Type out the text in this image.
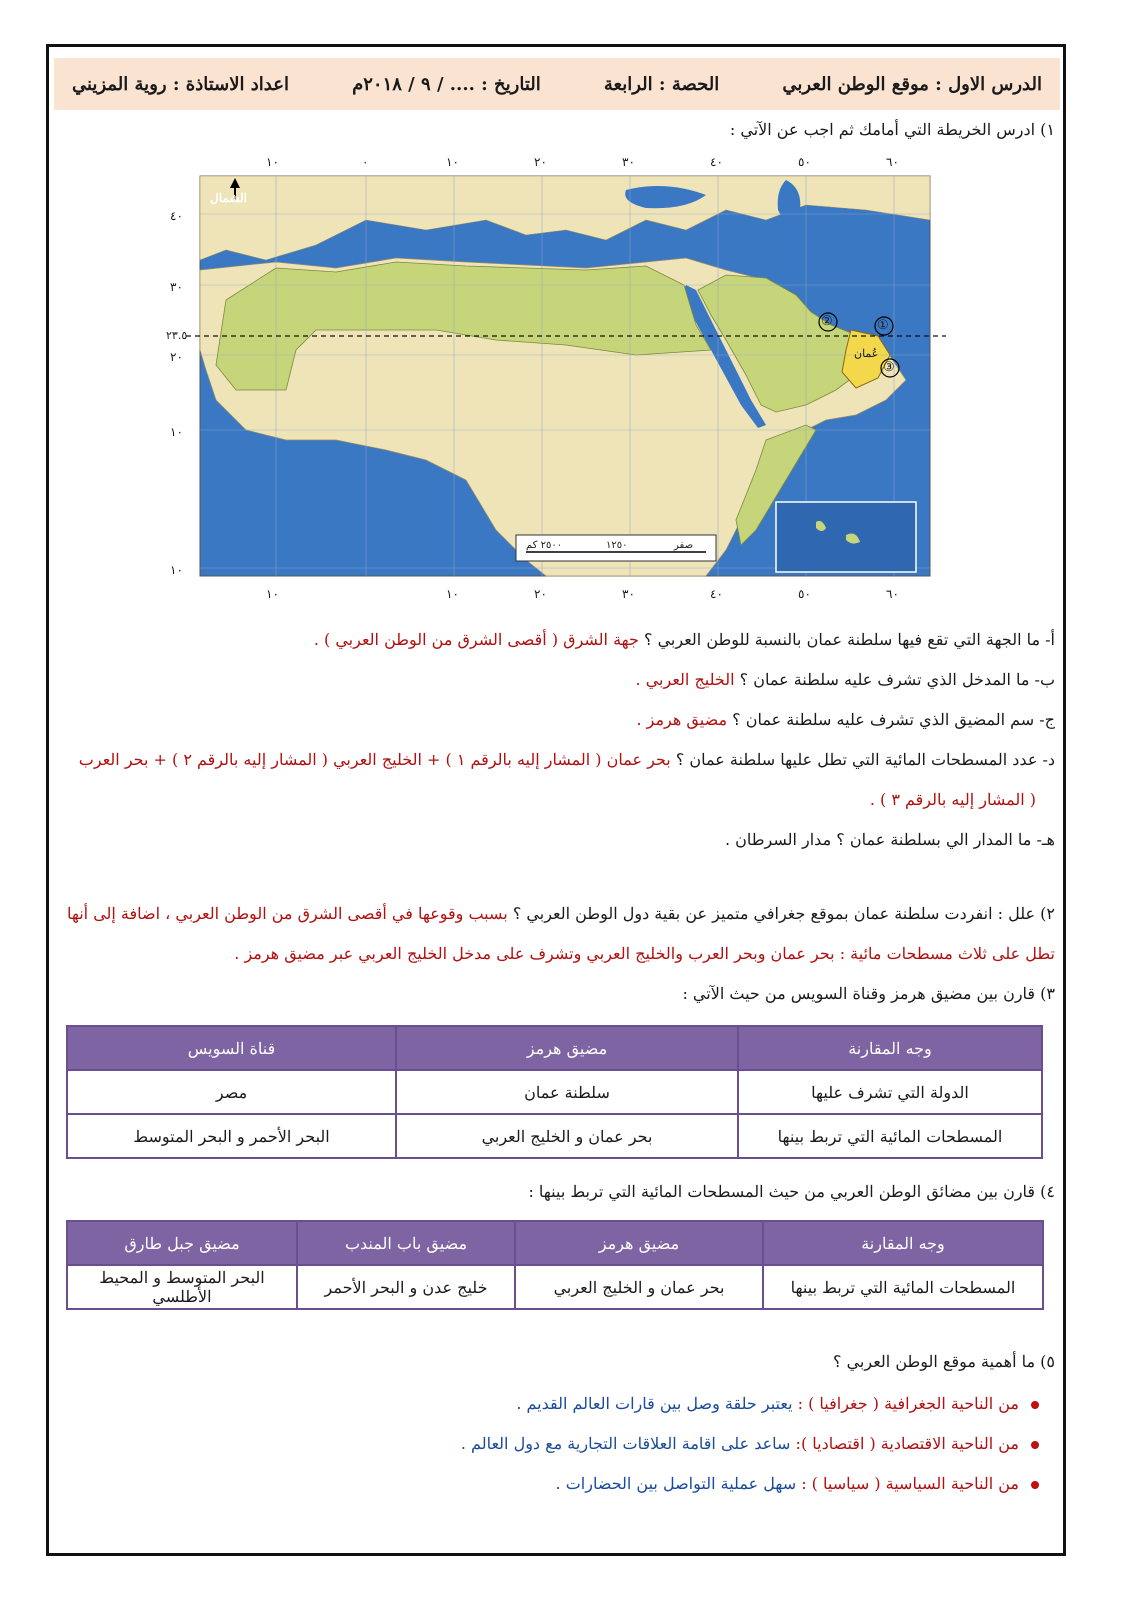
الدرس الاول : موقع الوطن العربي
الحصة : الرابعة
التاريخ : .... / ٩ / ٢٠١٨م
اعداد الاستاذة : روية المزيني
١) ادرس الخريطة التي أمامك ثم اجب عن الآتي :
١٠	٠	١٠	٢٠	٣٠	٤٠	٥٠	٦٠
١٠	١٠	٢٠	٣٠	٤٠	٥٠	٦٠
٤٠
٣٠
٢٣.٥
٢٠
١٠
١٠
الشمال
عُمان
①
②
③
صفر
١٢٥٠
٢٥٠٠ كم
أ- ما الجهة التي تقع فيها سلطنة عمان بالنسبة للوطن العربي ؟ جهة الشرق ( أقصى الشرق من الوطن العربي ) .
ب- ما المدخل الذي تشرف عليه سلطنة عمان ؟ الخليج العربي .
ج- سم المضيق الذي تشرف عليه سلطنة عمان ؟ مضيق هرمز .
د- عدد المسطحات المائية التي تطل عليها سلطنة عمان ؟ بحر عمان ( المشار إليه بالرقم ١ ) + الخليج العربي ( المشار إليه بالرقم ٢ ) + بحر العرب
( المشار إليه بالرقم ٣ ) .
هـ- ما المدار الي بسلطنة عمان ؟ مدار السرطان .
٢) علل : انفردت سلطنة عمان بموقع جغرافي متميز عن بقية دول الوطن العربي ؟ بسبب وقوعها في أقصى الشرق من الوطن العربي ، اضافة إلى أنها
تطل على ثلاث مسطحات مائية : بحر عمان وبحر العرب والخليج العربي وتشرف على مدخل الخليج العربي عبر مضيق هرمز .
٣) قارن بين مضيق هرمز وقناة السويس من حيث الآتي :
وجه المقارنة	مضيق هرمز	قناة السويس
الدولة التي تشرف عليها	سلطنة عمان	مصر
المسطحات المائية التي تربط بينها	بحر عمان و الخليج العربي	البحر الأحمر و البحر المتوسط
٤) قارن بين مضائق الوطن العربي من حيث المسطحات المائية التي تربط بينها :
وجه المقارنة	مضيق هرمز	مضيق باب المندب	مضيق جبل طارق
المسطحات المائية التي تربط بينها	بحر عمان و الخليج العربي	خليج عدن و البحر الأحمر	البحر المتوسط و المحيط الأطلسي
٥) ما أهمية موقع الوطن العربي ؟
من الناحية الجغرافية ( جغرافيا ) : يعتبر حلقة وصل بين قارات العالم القديم .
من الناحية الاقتصادية ( اقتصاديا ): ساعد على اقامة العلاقات التجارية مع دول العالم .
من الناحية السياسية ( سياسيا ) : سهل عملية التواصل بين الحضارات .
